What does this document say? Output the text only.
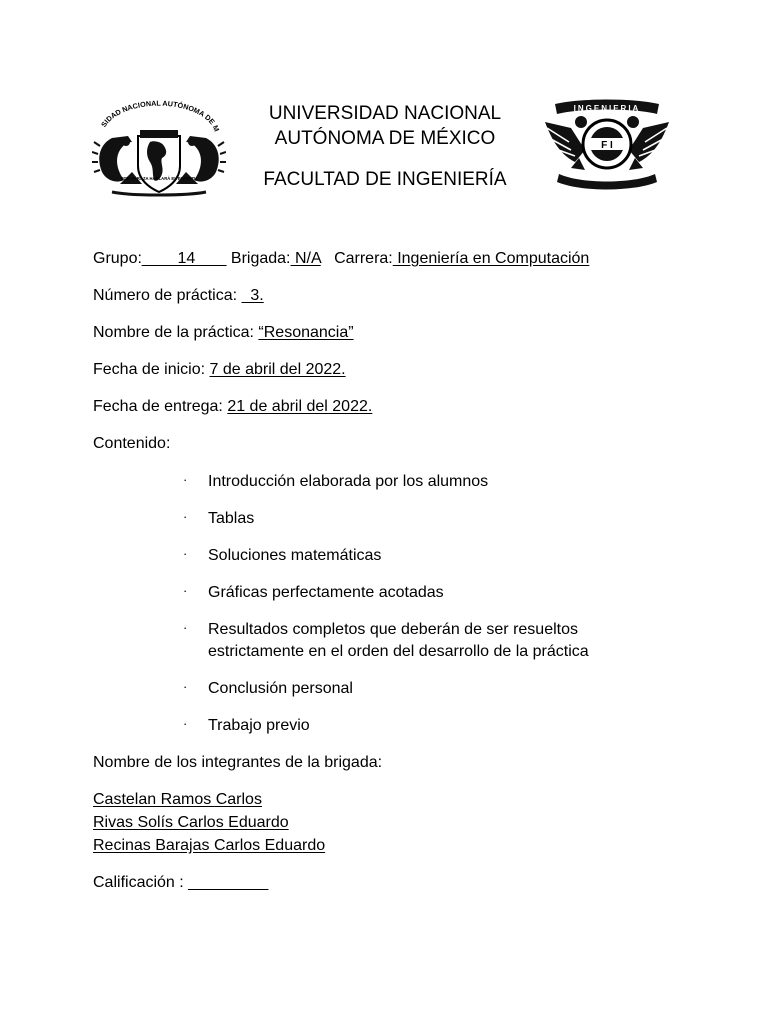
SIDAD NACIONAL AUTÓNOMA DE M
POR MI RAZA HABLARÁ EL ESPÍRITU
UNIVERSIDAD NACIONAL
AUTÓNOMA DE MÉXICO
FACULTAD DE INGENIERÍA
INGENIERIA
F I
Grupo:____14 ___ Brigada: N/A   Carrera: Ingeniería en Computación
Número de práctica:   3.
Nombre de la práctica: “Resonancia”
Fecha de inicio: 7 de abril del 2022.
Fecha de entrega: 21 de abril del 2022.
Contenido:
· Introducción elaborada por los alumnos
· Tablas
· Soluciones matemáticas
· Gráficas perfectamente acotadas
· Resultados completos que deberán de ser resueltos estrictamente en el orden del desarrollo de la práctica
· Conclusión personal
· Trabajo previo
Nombre de los integrantes de la brigada:
Castelan Ramos Carlos
Rivas Solís Carlos Eduardo
Recinas Barajas Carlos Eduardo
Calificación : _________
